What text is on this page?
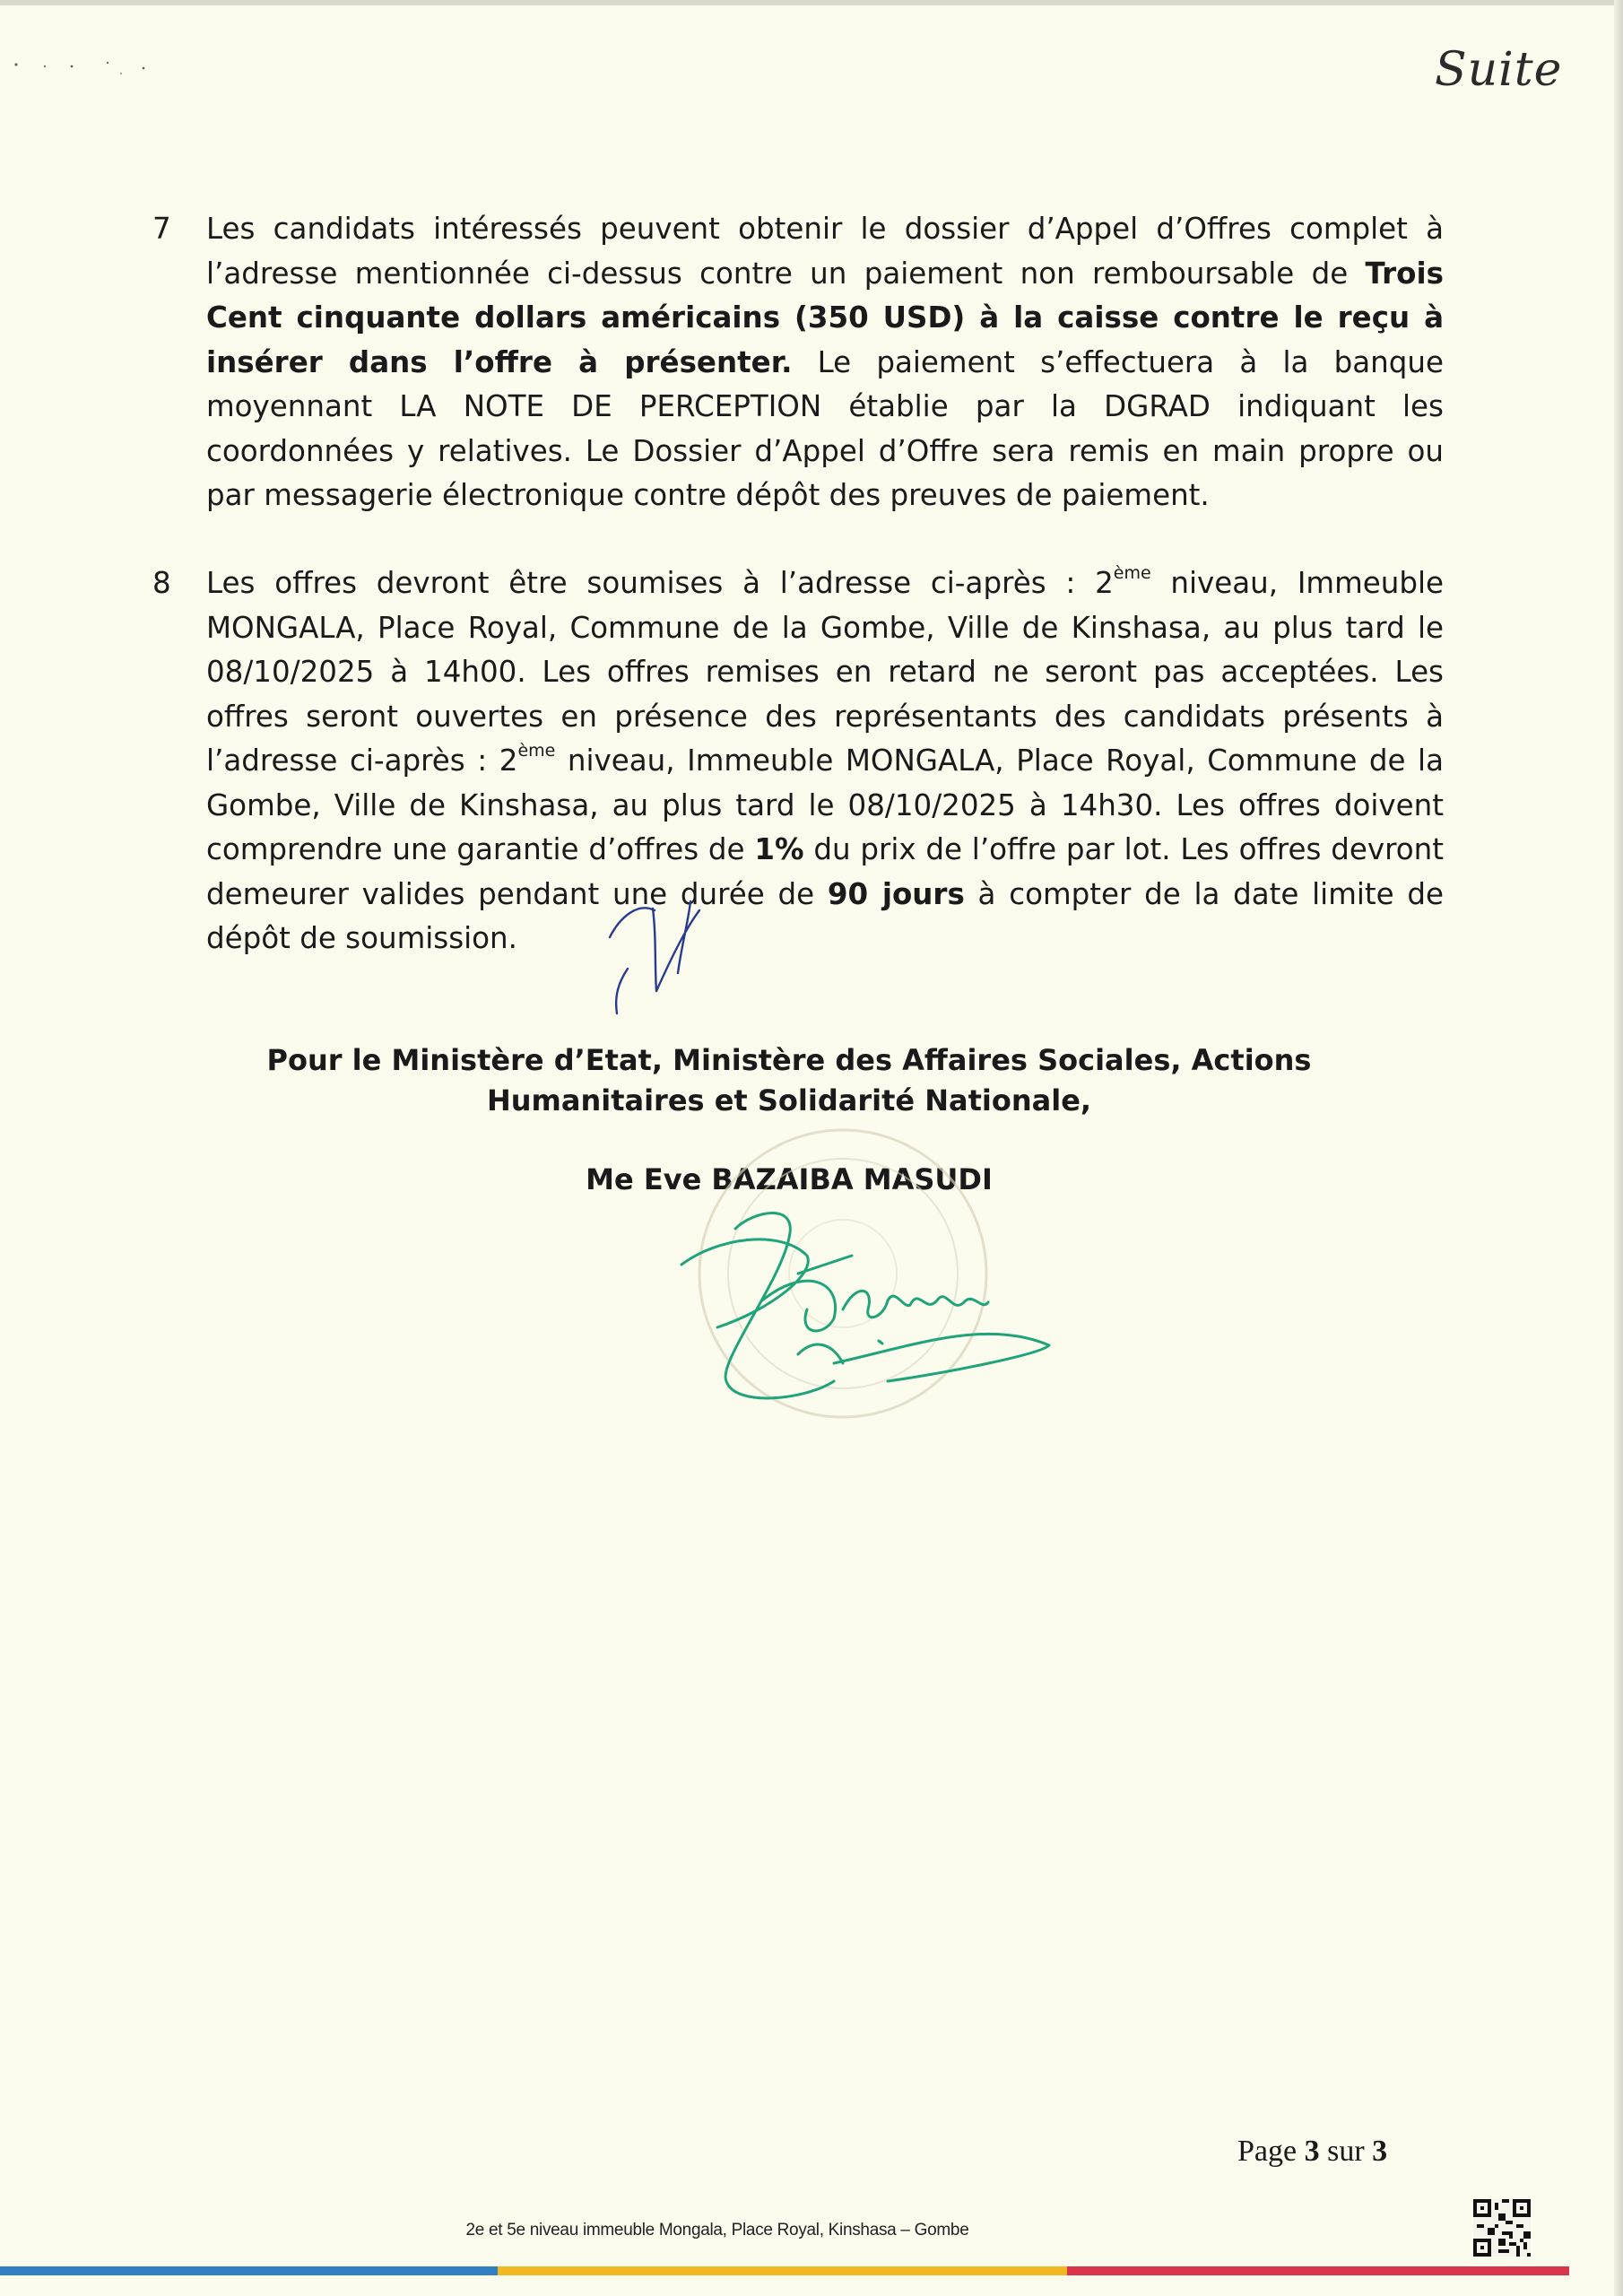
Suite
7	Les candidats intéressés peuvent obtenir le dossier d’Appel d’Offres complet à l’adresse mentionnée ci-dessus contre un paiement non remboursable de Trois Cent cinquante dollars américains (350 USD) à la caisse contre le reçu à insérer dans l’offre à présenter. Le paiement s’effectuera à la banque moyennant LA NOTE DE PERCEPTION établie par la DGRAD indiquant les coordonnées y relatives. Le Dossier d’Appel d’Offre sera remis en main propre ou par messagerie électronique contre dépôt des preuves de paiement.

8	Les offres devront être soumises à l’adresse ci-après : 2ème niveau, Immeuble MONGALA, Place Royal, Commune de la Gombe, Ville de Kinshasa, au plus tard le 08/10/2025 à 14h00. Les offres remises en retard ne seront pas acceptées. Les offres seront ouvertes en présence des représentants des candidats présents à l’adresse ci-après : 2ème niveau, Immeuble MONGALA, Place Royal, Commune de la Gombe, Ville de Kinshasa, au plus tard le 08/10/2025 à 14h30. Les offres doivent comprendre une garantie d’offres de 1% du prix de l’offre par lot. Les offres devront demeurer valides pendant une durée de 90 jours à compter de la date limite de dépôt de soumission.

Pour le Ministère d’Etat, Ministère des Affaires Sociales, Actions

Humanitaires et Solidarité Nationale,

Me Eve BAZAIBA MASUDI
Page 3 sur 3
2e et 5e niveau immeuble Mongala, Place Royal, Kinshasa – Gombe
